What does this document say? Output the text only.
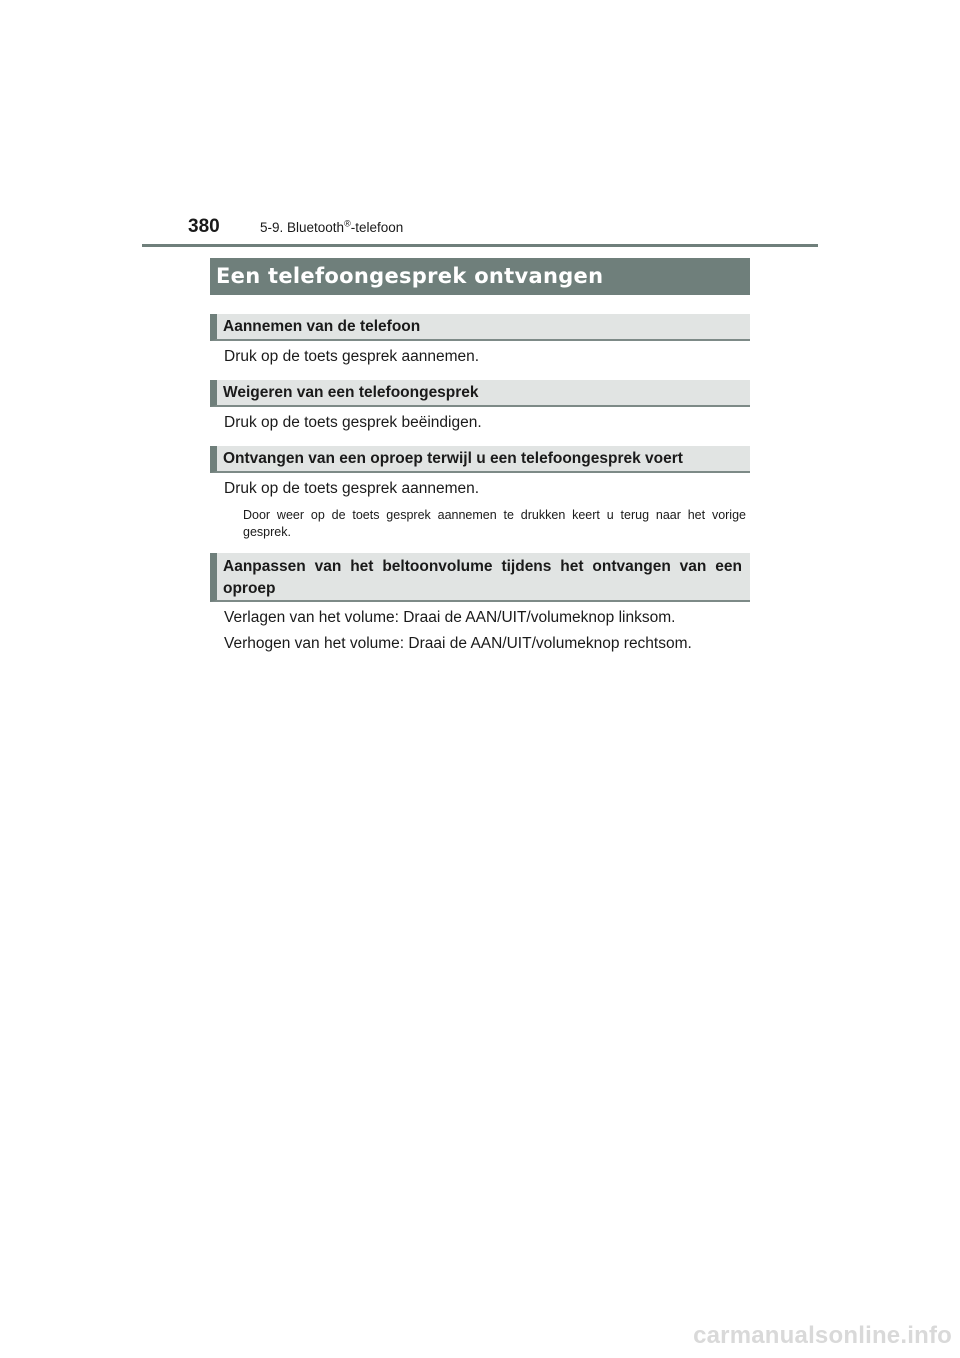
380	5-9. Bluetooth®-telefoon
Een telefoongesprek ontvangen
Aannemen van de telefoon
Druk op de toets gesprek aannemen.
Weigeren van een telefoongesprek
Druk op de toets gesprek beëindigen.
Ontvangen van een oproep terwijl u een telefoongesprek voert
Druk op de toets gesprek aannemen.
Door weer op de toets gesprek aannemen te drukken keert u terug naar het vorige gesprek.
Aanpassen van het beltoonvolume tijdens het ontvangen van een oproep
Verlagen van het volume: Draai de AAN/UIT/volumeknop linksom.
Verhogen van het volume: Draai de AAN/UIT/volumeknop rechtsom.
carmanualsonline.info
